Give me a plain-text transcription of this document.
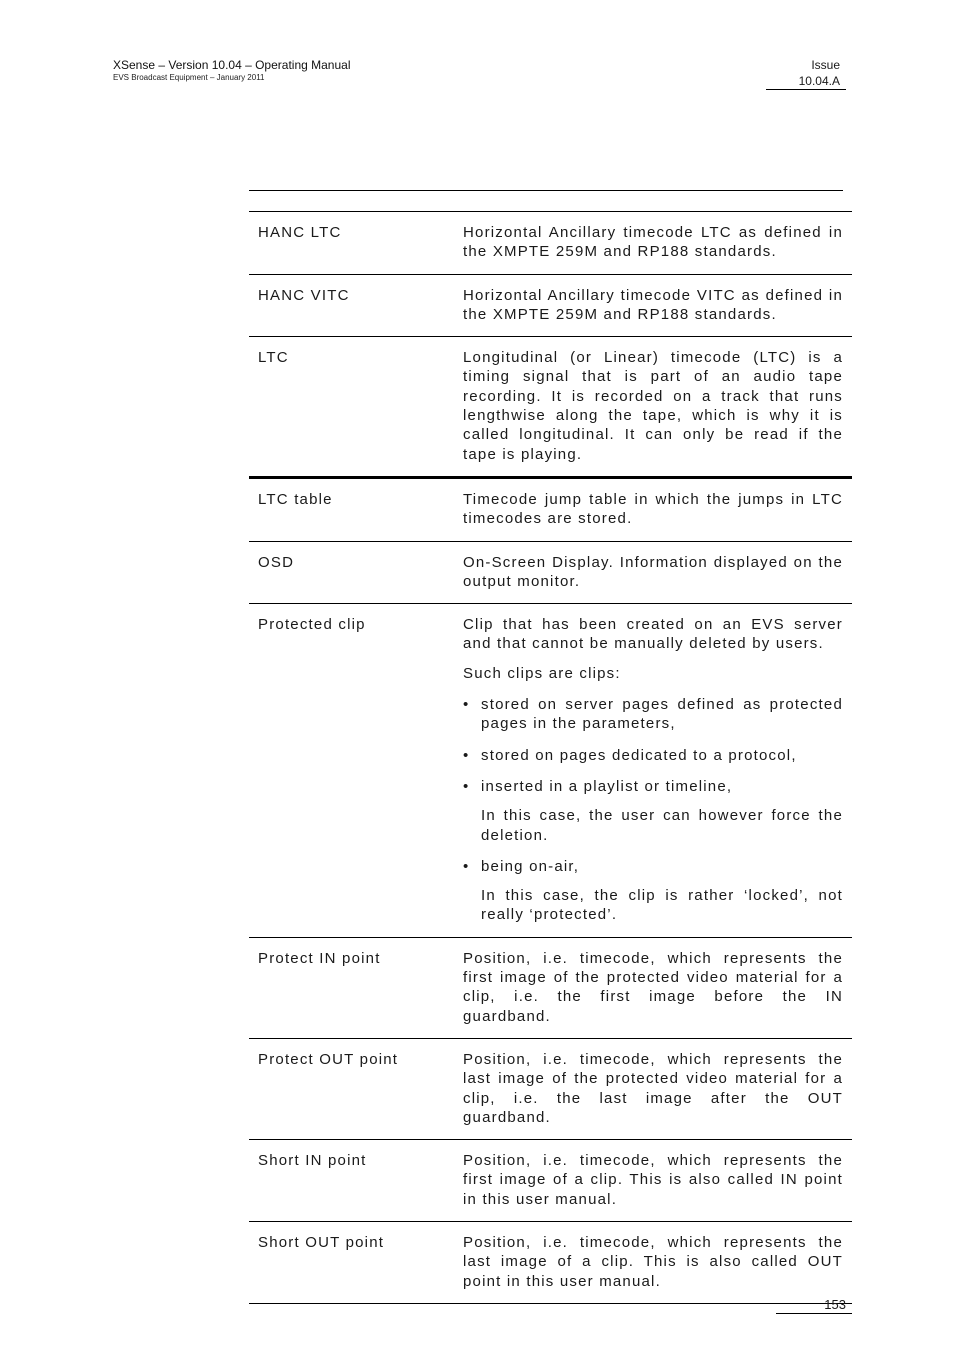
XSense – Version 10.04 – Operating Manual
EVS Broadcast Equipment – January 2011
Issue
10.04.A
HANC LTC	Horizontal Ancillary timecode LTC as defined in the XMPTE 259M and RP188 standards.

HANC VITC	Horizontal Ancillary timecode VITC as defined in the XMPTE 259M and RP188 standards.

LTC	Longitudinal (or Linear) timecode (LTC) is a timing signal that is part of an audio tape recording. It is recorded on a track that runs lengthwise along the tape, which is why it is called longitudinal. It can only be read if the tape is playing.

LTC table	Timecode jump table in which the jumps in LTC timecodes are stored.

OSD	On-Screen Display. Information displayed on the output monitor.

Protected clip	Clip that has been created on an EVS server and that cannot be manually deleted by users.

Such clips are clips:

• stored on server pages defined as protected pages in the parameters,
• stored on pages dedicated to a protocol,
• inserted in a playlist or timeline,
In this case, the user can however force the deletion.
• being on-air,
In this case, the clip is rather ‘locked’, not really ‘protected’.
Protect IN point	Position, i.e. timecode, which represents the first image of the protected video material for a clip, i.e. the first image before the IN guardband.

Protect OUT point	Position, i.e. timecode, which represents the last image of the protected video material for a clip, i.e. the last image after the OUT guardband.

Short IN point	Position, i.e. timecode, which represents the first image of a clip. This is also called IN point in this user manual.

Short OUT point	Position, i.e. timecode, which represents the last image of a clip. This is also called OUT point in this user manual.

153
